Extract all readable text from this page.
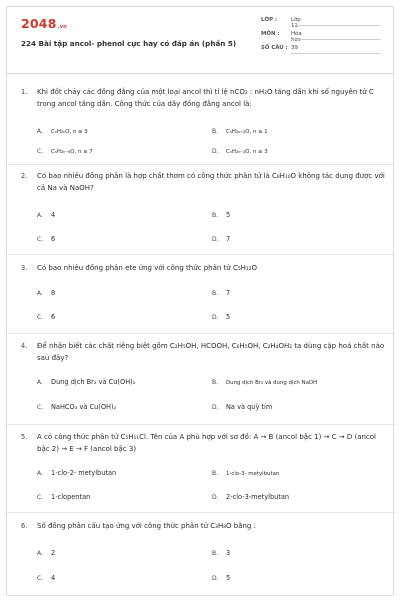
2048.vn
224 Bài tập ancol- phenol cực hay có đáp án (phần 5)
LỚP :	Lớp 11
MÔN : Hóa học
SỐ CÂU : 39
1.	Khi đốt cháy các đồng đẳng của một loại ancol thì tỉ lệ nCO₂ : nH₂O tăng dần khi số nguyên tử C trong ancol tăng dần. Công thức của dãy đồng đẳng ancol là:
A. CₙH₂ₙO, n ≥ 3	B. CₙH₂ₙ₊₂O, n ≥ 1
C. CₙH₂ₙ₋₆O, n ≥ 7	D. CₙH₂ₙ₋₂O, n ≥ 3
2.	Có bao nhiêu đồng phân là hợp chất thơm có công thức phân tử là C₈H₁₀O không tác dụng được với cả Na và NaOH?
A. 4	B. 5
C. 6	D. 7
3.	Có bao nhiêu đồng phân ete ứng với công thức phân tử C₅H₁₂O
A. 8	B. 7
C. 6	D. 5
4.	Để nhận biết các chất riêng biệt gồm C₂H₅OH, HCOOH, C₆H₅OH, C₂H₄OH₂ ta dùng cặp hoá chất nào sau đây?
A. Dung dịch Br₂ và Cu(OH)₂	B. Dung dịch Br₂ và dung dịch NaOH
C. NaHCO₃ và Cu(OH)₂	D. Na và quỳ tím
5.	A có công thức phân tử C₅H₁₁Cl. Tên của A phù hợp với sơ đồ: A → B (ancol bậc 1) → C → D (ancol bậc 2) → E → F (ancol bậc 3)
A. 1-clo-2- metylbutan	B. 1-clo-3- metylbutan
C. 1-clopentan	D. 2-clo-3-metylbutan
6.	Số đồng phân cấu tạo ứng với công thức phân tử C₃H₈O bằng :
A. 2	B. 3
C. 4	D. 5
